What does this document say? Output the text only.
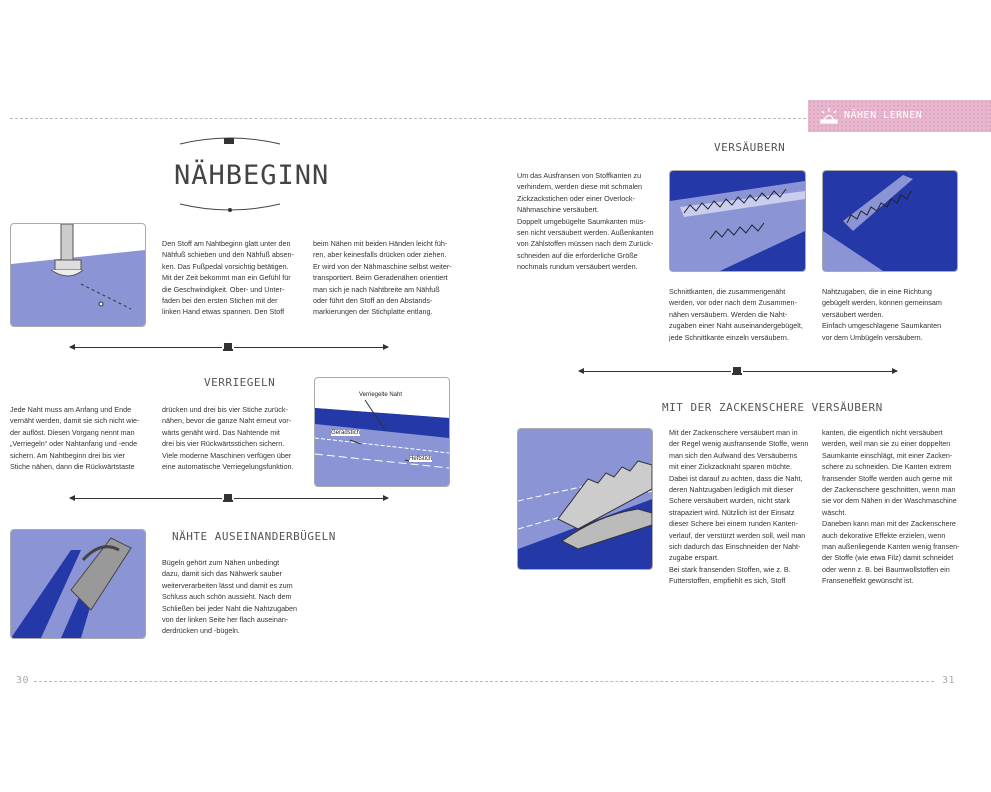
NÄHEN LERNEN
NÄHBEGINN
Den Stoff am Nahtbeginn glatt unter den
Nähfuß schieben und den Nähfuß absen-
ken. Das Fußpedal vorsichtig betätigen.
Mit der Zeit bekommt man ein Gefühl für
die Geschwindigkeit. Ober- und Unter-
faden bei den ersten Stichen mit der
linken Hand etwas spannen. Den Stoff
beim Nähen mit beiden Händen leicht füh-
ren, aber keinesfalls drücken oder ziehen.
Er wird von der Nähmaschine selbst weiter-
transportiert. Beim Geradenähen orientiert
man sich je nach Nahtbreite am Nähfuß
oder führt den Stoff an den Abstands-
markierungen der Stichplatte entlang.
VERRIEGELN
Jede Naht muss am Anfang und Ende
vernäht werden, damit sie sich nicht wie-
der auflöst. Diesen Vorgang nennt man
„Verriegeln“ oder Nahtanfang und -ende
sichern. Am Nahtbeginn drei bis vier
Stiche nähen, dann die Rückwärtstaste
drücken und drei bis vier Stiche zurück-
nähen, bevor die ganze Naht erneut vor-
wärts genäht wird. Das Nahtende mit
drei bis vier Rückwärtsstichen sichern.
Viele moderne Maschinen verfügen über
eine automatische Verriegelungsfunktion.
Verriegelte Naht
Geradstich
Heftstich
NÄHTE AUSEINANDERBÜGELN
Bügeln gehört zum Nähen unbedingt
dazu, damit sich das Nähwerk sauber
weiterverarbeiten lässt und damit es zum
Schluss auch schön aussieht. Nach dem
Schließen bei jeder Naht die Nahtzugaben
von der linken Seite her flach auseinan-
derdrücken und -bügeln.
30	31
VERSÄUBERN
Um das Ausfransen von Stoffkanten zu
verhindern, werden diese mit schmalen
Zickzackstichen oder einer Overlock-
Nähmaschine versäubert.
Doppelt umgebügelte Saumkanten müs-
sen nicht versäubert werden. Außenkanten
von Zählstoffen müssen nach dem Zurück-
schneiden auf die erforderliche Größe
nochmals rundum versäubert werden.
Schnittkanten, die zusammengenäht
werden, vor oder nach dem Zusammen-
nähen versäubern. Werden die Naht-
zugaben einer Naht auseinandergebügelt,
jede Schnittkante einzeln versäubern.
Nahtzugaben, die in eine Richtung
gebügelt werden, können gemeinsam
versäubert werden.
Einfach umgeschlagene Saumkanten
vor dem Umbügeln versäubern.
MIT DER ZACKENSCHERE VERSÄUBERN
Mit der Zackenschere versäubert man in
der Regel wenig ausfransende Stoffe, wenn
man sich den Aufwand des Versäuberns
mit einer Zickzacknaht sparen möchte.
Dabei ist darauf zu achten, dass die Naht,
deren Nahtzugaben lediglich mit dieser
Schere versäubert wurden, nicht stark
strapaziert wird. Nützlich ist der Einsatz
dieser Schere bei einem runden Kanten-
verlauf, der verstürzt werden soll, weil man
sich dadurch das Einschneiden der Naht-
zugabe erspart.
Bei stark fransenden Stoffen, wie z. B.
Futterstoffen, empfiehlt es sich, Stoff
kanten, die eigentlich nicht versäubert
werden, weil man sie zu einer doppelten
Saumkante einschlägt, mit einer Zacken-
schere zu schneiden. Die Kanten extrem
fransender Stoffe werden auch gerne mit
der Zackenschere geschnitten, wenn man
sie vor dem Nähen in der Waschmaschine
wäscht.
Daneben kann man mit der Zackenschere
auch dekorative Effekte erzielen, wenn
man außenliegende Kanten wenig fransen-
der Stoffe (wie etwa Filz) damit schneidet
oder wenn z. B. bei Baumwollstoffen ein
Franseneffekt gewünscht ist.
